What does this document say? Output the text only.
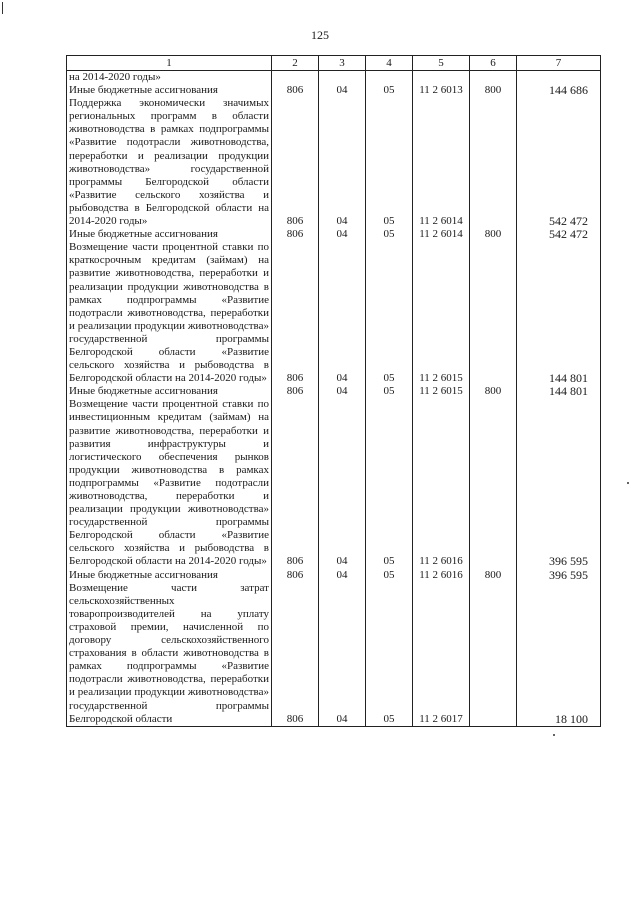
125
1	2	3	4	5	6	7
на 2014-2020 годы»						
Иные бюджетные ассигнования	806	04	05	11 2 6013	800	144 686
Поддержка экономически значимых региональных программ в области животноводства в рамках подпрограммы «Развитие подотрасли животноводства, переработки и реализации продукции животноводства» государственной программы Белгородской области «Развитие сельского хозяйства и рыбоводства в Белгородской области на 2014-2020 годы»	806	04	05	11 2 6014		542 472
Иные бюджетные ассигнования	806	04	05	11 2 6014	800	542 472
Возмещение части процентной ставки по краткосрочным кредитам (займам) на развитие животноводства, переработки и реализации продукции животноводства в рамках подпрограммы «Развитие подотрасли животноводства, переработки и реализации продукции животноводства» государственной программы Белгородской области «Развитие сельского хозяйства и рыбоводства в Белгородской области на 2014-2020 годы»	806	04	05	11 2 6015		144 801
Иные бюджетные ассигнования	806	04	05	11 2 6015	800	144 801
Возмещение части процентной ставки по инвестиционным кредитам (займам) на развитие животноводства, переработки и развития инфраструктуры и логистического обеспечения рынков продукции животноводства в рамках подпрограммы «Развитие подотрасли животноводства, переработки и реализации продукции животноводства» государственной программы Белгородской области «Развитие сельского хозяйства и рыбоводства в Белгородской области на 2014-2020 годы»	806	04	05	11 2 6016		396 595
Иные бюджетные ассигнования	806	04	05	11 2 6016	800	396 595
Возмещение части затрат сельскохозяйственных товаропроизводителей на уплату страховой премии, начисленной по договору сельскохозяйственного страхования в области животноводства в рамках подпрограммы «Развитие подотрасли животноводства, переработки и реализации продукции животноводства» государственной программы Белгородской области	806	04	05	11 2 6017		18 100
